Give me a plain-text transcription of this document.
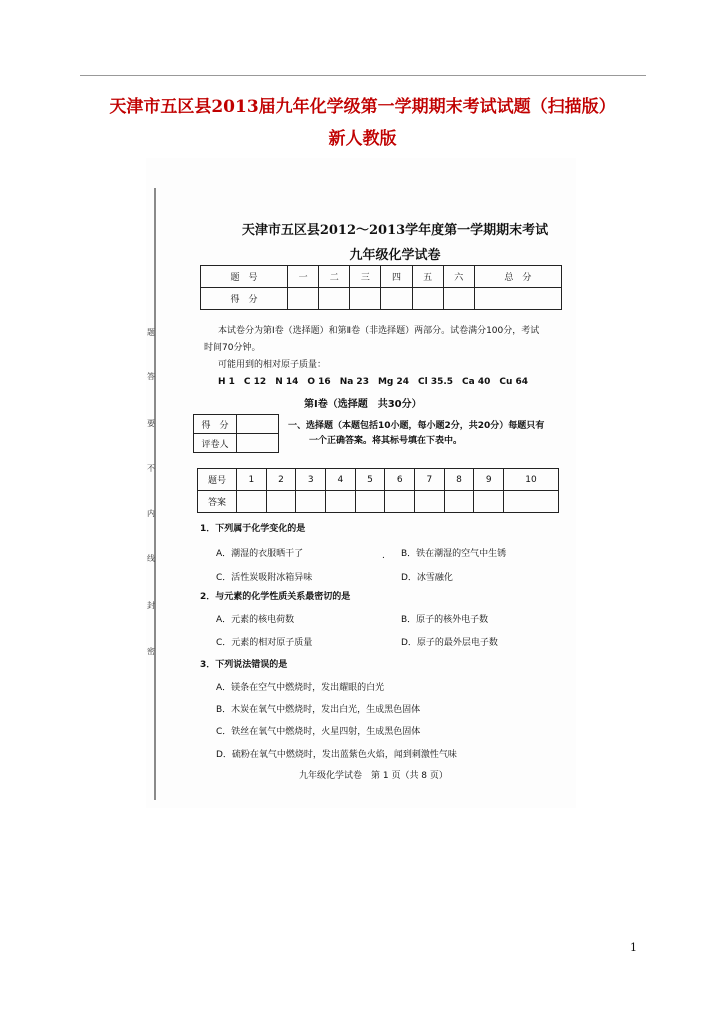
天津市五区县2013届九年化学级第一学期期末考试试题（扫描版）
新人教版
题
答
要
不
内
线
封
密
天津市五区县2012～2013学年度第一学期期末考试
九年级化学试卷
题　号	一	二	三	四	五	六	总　分
得　分							
本试卷分为第Ⅰ卷（选择题）和第Ⅱ卷（非选择题）两部分。试卷满分100分，考试
时间70分钟。
可能用到的相对原子质量：
H 1　C 12　N 14　O 16　Na 23　Mg 24　Cl 35.5　Ca 40　Cu 64
第Ⅰ卷（选择题　共30分）
得　分	
评卷人	
一、选择题（本题包括10小题，每小题2分，共20分）每题只有
一个正确答案。将其标号填在下表中。
题号	1	2	3	4	5	6	7	8	9	10
答案										
1．下列属于化学变化的是
A．潮湿的衣服晒干了	. B．铁在潮湿的空气中生锈
C．活性炭吸附冰箱异味	D．冰雪融化
2．与元素的化学性质关系最密切的是
A．元素的核电荷数	B．原子的核外电子数
C．元素的相对原子质量	D．原子的最外层电子数
3．下列说法错误的是
A．镁条在空气中燃烧时，发出耀眼的白光
B．木炭在氧气中燃烧时，发出白光，生成黑色固体
C．铁丝在氧气中燃烧时，火星四射，生成黑色固体
D．硫粉在氧气中燃烧时，发出蓝紫色火焰，闻到刺激性气味
九年级化学试卷　第 1 页（共 8 页）
1
